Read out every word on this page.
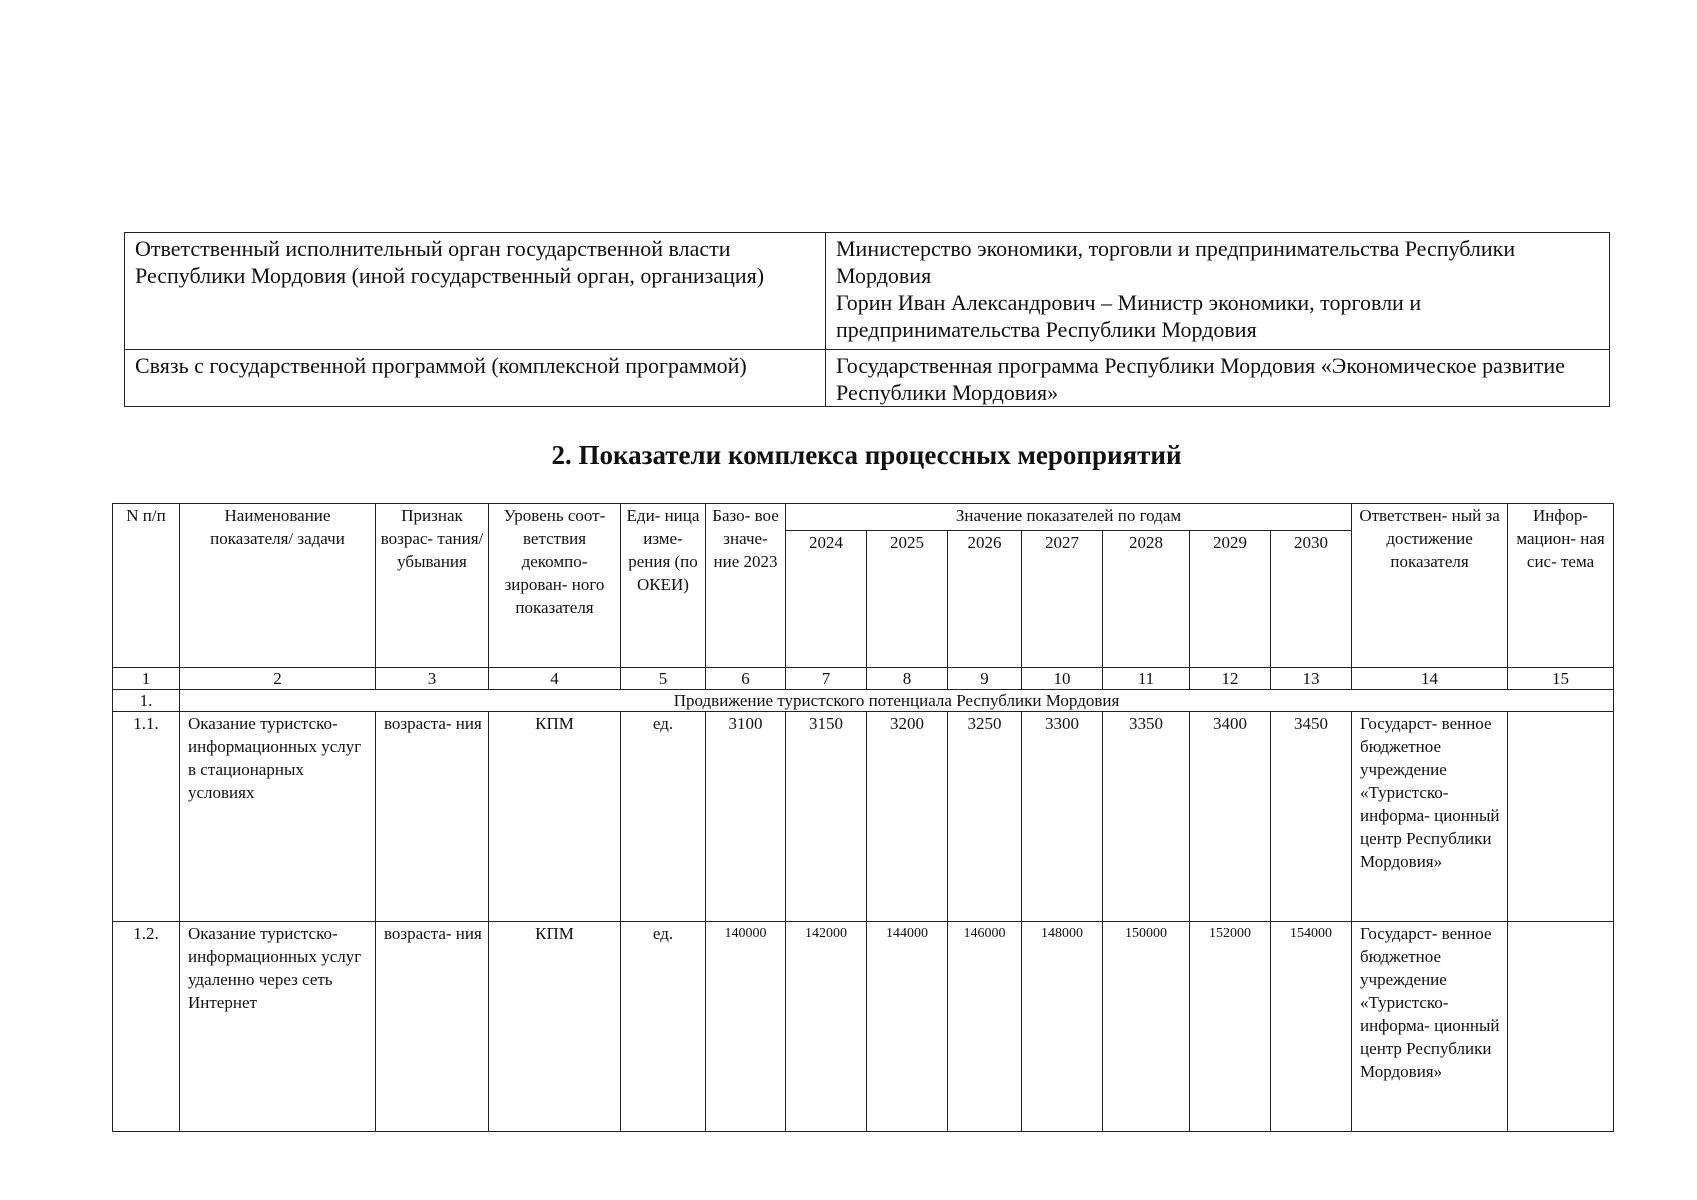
Ответственный исполнительный орган государственной власти Республики Мордовия (иной государственный орган, организация)	Министерство экономики, торговли и предпринимательства Республики Мордовия
Горин Иван Александрович – Министр экономики, торговли и предпринимательства Республики Мордовия

Связь с государственной программой (комплексной программой)	Государственная программа Республики Мордовия «Экономическое развитие Республики Мордовия»
2. Показатели комплекса процессных мероприятий
N п/п	Наименование показателя/ задачи	Признак возрас- тания/ убывания	Уровень соот- ветствия декомпо- зирован- ного показателя	Еди- ница изме- рения (по ОКЕИ)	Базо- вое значе- ние 2023	Значение показателей по годам							Ответствен- ный за достижение показателя	Инфор- мацион- ная сис- тема
						2024	2025	2026	2027	2028	2029	2030		
1	2	3	4	5	6	7	8	9	10	11	12	13	14	15
1.	Продвижение туристского потенциала Республики Мордовия													
1.1.	Оказание туристско- информационных услуг в стационарных условиях	возраста- ния	КПМ	ед.	3100	3150	3200	3250	3300	3350	3400	3450	Государст- венное бюджетное учреждение «Туристско- информа- ционный центр Республики Мордовия»	
1.2.	Оказание туристско- информационных услуг удаленно через сеть Интернет	возраста- ния	КПМ	ед.	140000	142000	144000	146000	148000	150000	152000	154000	Государст- венное бюджетное учреждение «Туристско- информа- ционный центр Республики Мордовия»	
